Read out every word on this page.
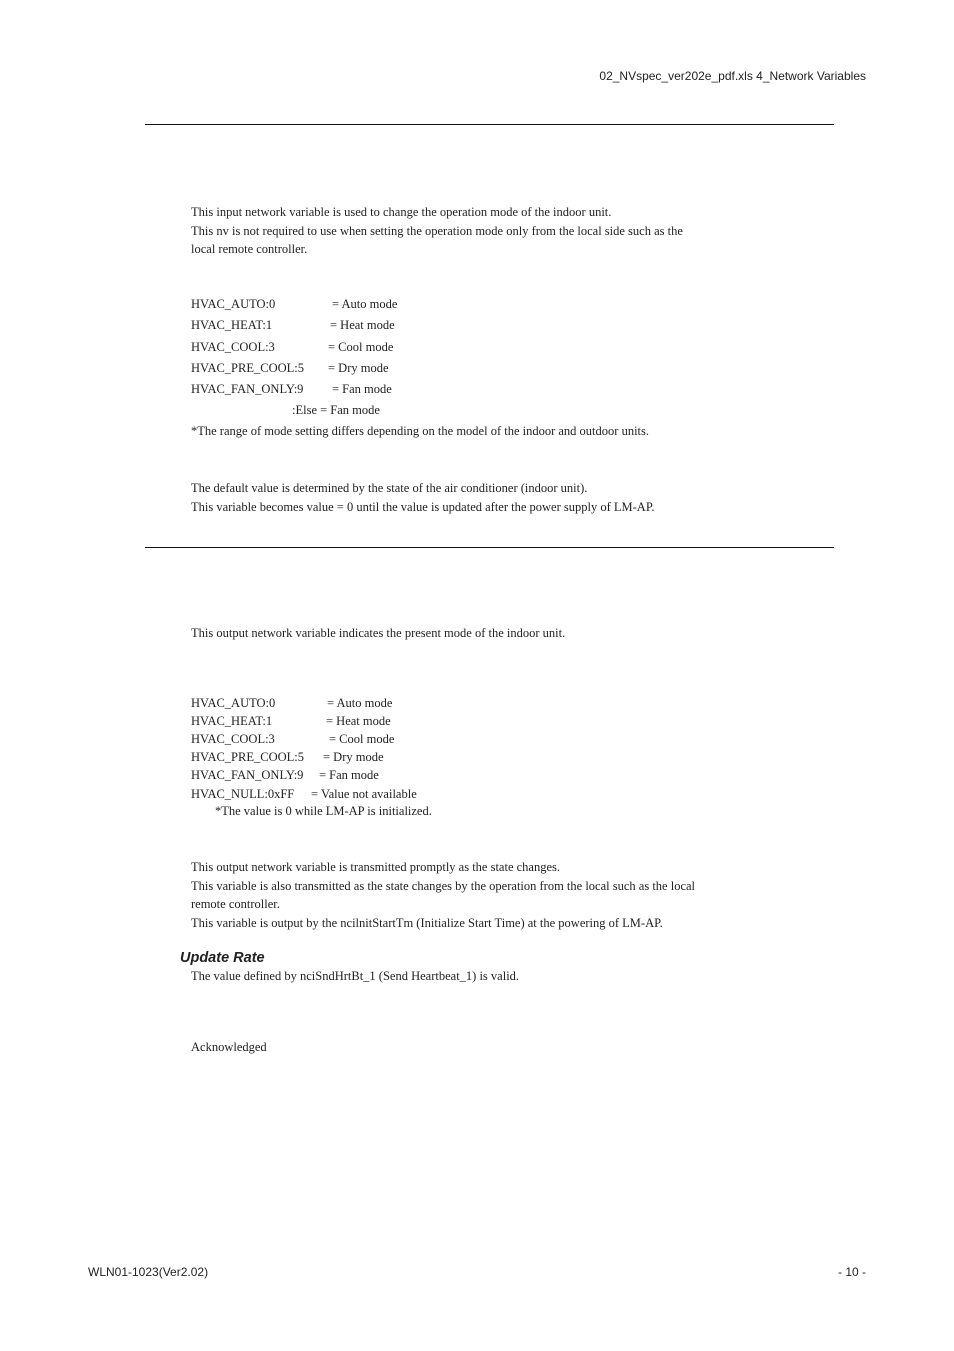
02_NVspec_ver202e_pdf.xls 4_Network Variables
This input network variable is used to change the operation mode of the indoor unit.
This nv is not required to use when setting the operation mode only from the local side such as the
local remote controller.
HVAC_AUTO:0	= Auto mode
HVAC_HEAT:1	= Heat mode
HVAC_COOL:3	= Cool mode
HVAC_PRE_COOL:5 = Dry mode
HVAC_FAN_ONLY:9 = Fan mode
:Else = Fan mode
*The range of mode setting differs depending on the model of the indoor and outdoor units.
The default value is determined by the state of the air conditioner (indoor unit).
This variable becomes value = 0 until the value is updated after the power supply of LM-AP.
This output network variable indicates the present mode of the indoor unit.
HVAC_AUTO:0	= Auto mode
HVAC_HEAT:1	= Heat mode
HVAC_COOL:3	= Cool mode
HVAC_PRE_COOL:5 = Dry mode
HVAC_FAN_ONLY:9 = Fan mode
HVAC_NULL:0xFF = Value not available
*The value is 0 while LM-AP is initialized.
This output network variable is transmitted promptly as the state changes.
This variable is also transmitted as the state changes by the operation from the local such as the local
remote controller.
This variable is output by the ncilnitStartTm (Initialize Start Time) at the powering of LM-AP.
Update Rate
The value defined by nciSndHrtBt_1 (Send Heartbeat_1) is valid.
Acknowledged
WLN01-1023(Ver2.02)	- 10 -
